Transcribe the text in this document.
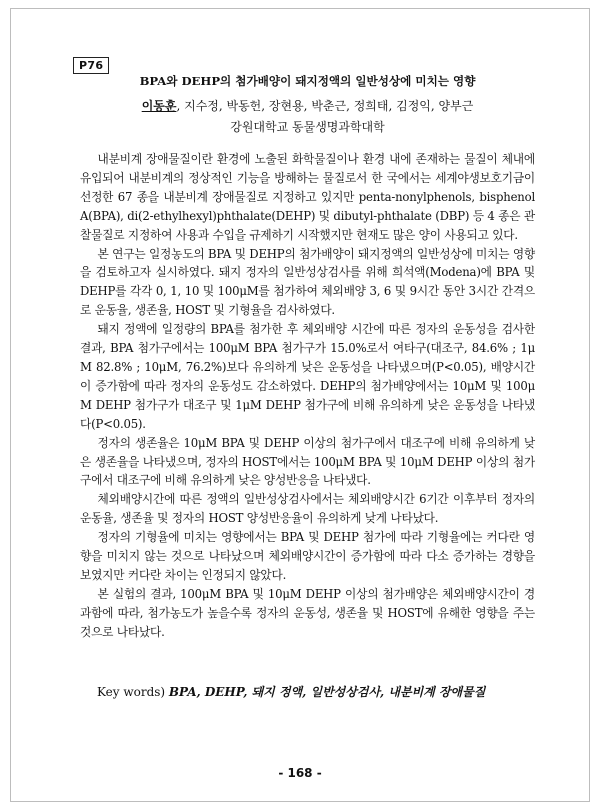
P76
BPA와 DEHP의 첨가배양이 돼지정액의 일반성상에 미치는 영향
이동훈, 지수정, 박동헌, 장현용, 박춘근, 정희태, 김정익, 양부근
강원대학교 동물생명과학대학

내분비계 장애물질이란 환경에 노출된 화학물질이나 환경 내에 존재하는 물질이 체내에 유입되어 내분비계의 정상적인 기능을 방해하는 물질로서 한 국에서는 세계야생보호기금이 선정한 67 종을 내분비계 장애물질로 지정하고 있지만 penta-nonylphenols, bisphenol A(BPA), di(2-ethylhexyl)phthalate(DEHP) 및 dibutyl-phthalate (DBP) 등 4 종은 관찰물질로 지정하여 사용과 수입을 규제하기 시작했지만 현재도 많은 양이 사용되고 있다.

본 연구는 일정농도의 BPA 및 DEHP의 첨가배양이 돼지정액의 일반성상에 미치는 영향을 검토하고자 실시하였다. 돼지 정자의 일반성상검사를 위해 희석액(Modena)에 BPA 및 DEHP를 각각 0, 1, 10 및 100μM를 첨가하여 체외배양 3, 6 및 9시간 동안 3시간 간격으로 운동율, 생존율, HOST 및 기형율을 검사하였다.

돼지 정액에 일정량의 BPA를 첨가한 후 체외배양 시간에 따른 정자의 운동성을 검사한 결과, BPA 첨가구에서는 100μM BPA 첨가구가 15.0%로서 여타구(대조구, 84.6% ; 1μM 82.8% ; 10μM, 76.2%)보다 유의하게 낮은 운동성을 나타냈으며(P<0.05), 배양시간이 증가함에 따라 정자의 운동성도 감소하였다. DEHP의 첨가배양에서는 10μM 및 100μM DEHP 첨가구가 대조구 및 1μM DEHP 첨가구에 비해 유의하게 낮은 운동성을 나타냈다(P<0.05).

정자의 생존율은 10μM BPA 및 DEHP 이상의 첨가구에서 대조구에 비해 유의하게 낮은 생존율을 나타냈으며, 정자의 HOST에서는 100μM BPA 및 10μM DEHP 이상의 첨가구에서 대조구에 비해 유의하게 낮은 양성반응을 나타냈다.

체외배양시간에 따른 정액의 일반성상검사에서는 체외배양시간 6기간 이후부터 정자의 운동율, 생존율 및 정자의 HOST 양성반응율이 유의하게 낮게 나타났다.

정자의 기형율에 미치는 영향에서는 BPA 및 DEHP 첨가에 따라 기형율에는 커다란 영향을 미치지 않는 것으로 나타났으며 체외배양시간이 증가함에 따라 다소 증가하는 경향을 보였지만 커다란 차이는 인정되지 않았다.

본 실험의 결과, 100μM BPA 및 10μM DEHP 이상의 첨가배양은 체외배양시간이 경과함에 따라, 첨가농도가 높을수록 정자의 운동성, 생존율 및 HOST에 유해한 영향을 주는 것으로 나타났다.

Key words) BPA, DEHP, 돼지 정액, 일반성상검사, 내분비계 장애물질
- 168 -
